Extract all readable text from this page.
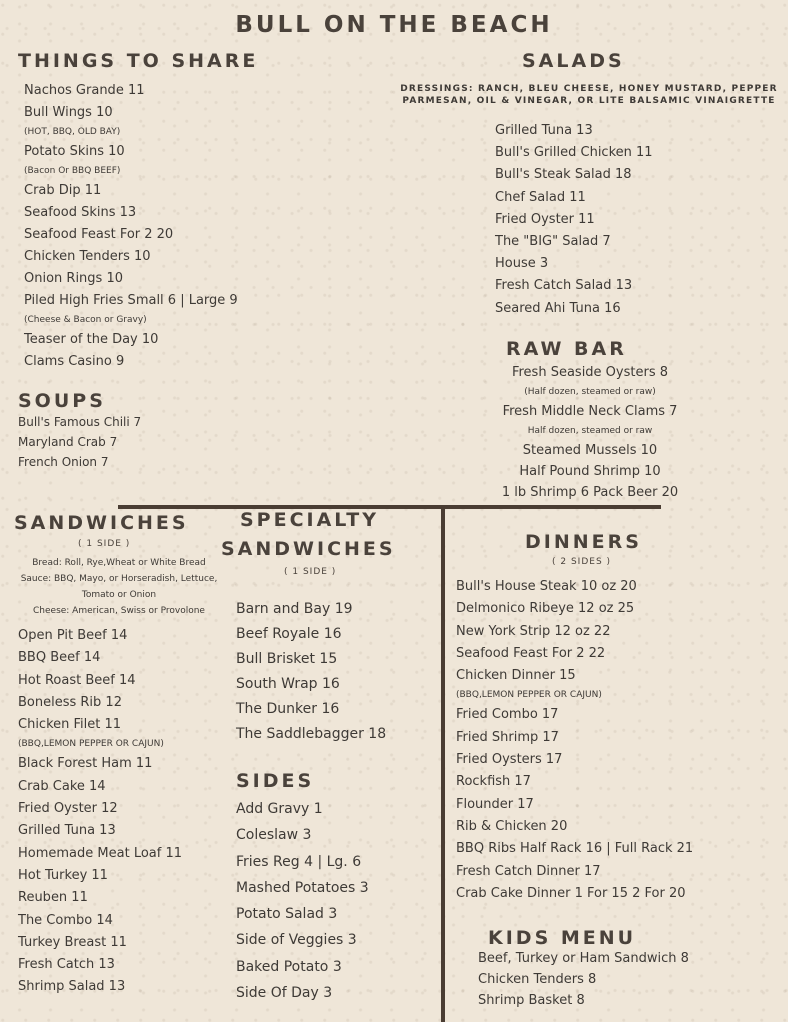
BULL ON THE BEACH
THINGS TO SHARE
Nachos Grande 11
Bull Wings 10
(HOT, BBQ, OLD BAY)
Potato Skins 10
(Bacon Or BBQ BEEF)
Crab Dip 11
Seafood Skins 13
Seafood Feast For 2 20
Chicken Tenders 10
Onion Rings 10
Piled High Fries Small 6 | Large 9
(Cheese & Bacon or Gravy)
Teaser of the Day 10
Clams Casino 9
SOUPS
Bull's Famous Chili 7
Maryland Crab 7
French Onion 7
SALADS
DRESSINGS: RANCH, BLEU CHEESE, HONEY MUSTARD, PEPPER PARMESAN, OIL & VINEGAR, OR LITE BALSAMIC VINAIGRETTE
Grilled Tuna 13
Bull's Grilled Chicken 11
Bull's Steak Salad 18
Chef Salad 11
Fried Oyster 11
The "BIG" Salad 7
House 3
Fresh Catch Salad 13
Seared Ahi Tuna 16
RAW BAR
Fresh Seaside Oysters 8
(Half dozen, steamed or raw)
Fresh Middle Neck Clams 7
Half dozen, steamed or raw
Steamed Mussels 10
Half Pound Shrimp 10
1 lb Shrimp 6 Pack Beer 20
SANDWICHES
( 1 SIDE )
Bread: Roll, Rye,Wheat or White Bread
Sauce: BBQ, Mayo, or Horseradish, Lettuce, Tomato or Onion
Cheese: American, Swiss or Provolone
Open Pit Beef 14
BBQ Beef 14
Hot Roast Beef 14
Boneless Rib 12
Chicken Filet 11
(BBQ,LEMON PEPPER OR CAJUN)
Black Forest Ham 11
Crab Cake 14
Fried Oyster 12
Grilled Tuna 13
Homemade Meat Loaf 11
Hot Turkey 11
Reuben 11
The Combo 14
Turkey Breast 11
Fresh Catch 13
Shrimp Salad 13
SPECIALTY
SANDWICHES
( 1 SIDE )
Barn and Bay 19
Beef Royale 16
Bull Brisket 15
South Wrap 16
The Dunker 16
The Saddlebagger 18
SIDES
Add Gravy 1
Coleslaw 3
Fries Reg 4 | Lg. 6
Mashed Potatoes 3
Potato Salad 3
Side of Veggies 3
Baked Potato 3
Side Of Day 3
DINNERS
( 2 SIDES )
Bull's House Steak 10 oz 20
Delmonico Ribeye 12 oz 25
New York Strip 12 oz 22
Seafood Feast For 2 22
Chicken Dinner 15
(BBQ,LEMON PEPPER OR CAJUN)
Fried Combo 17
Fried Shrimp 17
Fried Oysters 17
Rockfish 17
Flounder 17
Rib & Chicken 20
BBQ Ribs Half Rack 16 | Full Rack 21
Fresh Catch Dinner 17
Crab Cake Dinner 1 For 15 2 For 20
KIDS MENU
Beef, Turkey or Ham Sandwich 8
Chicken Tenders 8
Shrimp Basket 8
